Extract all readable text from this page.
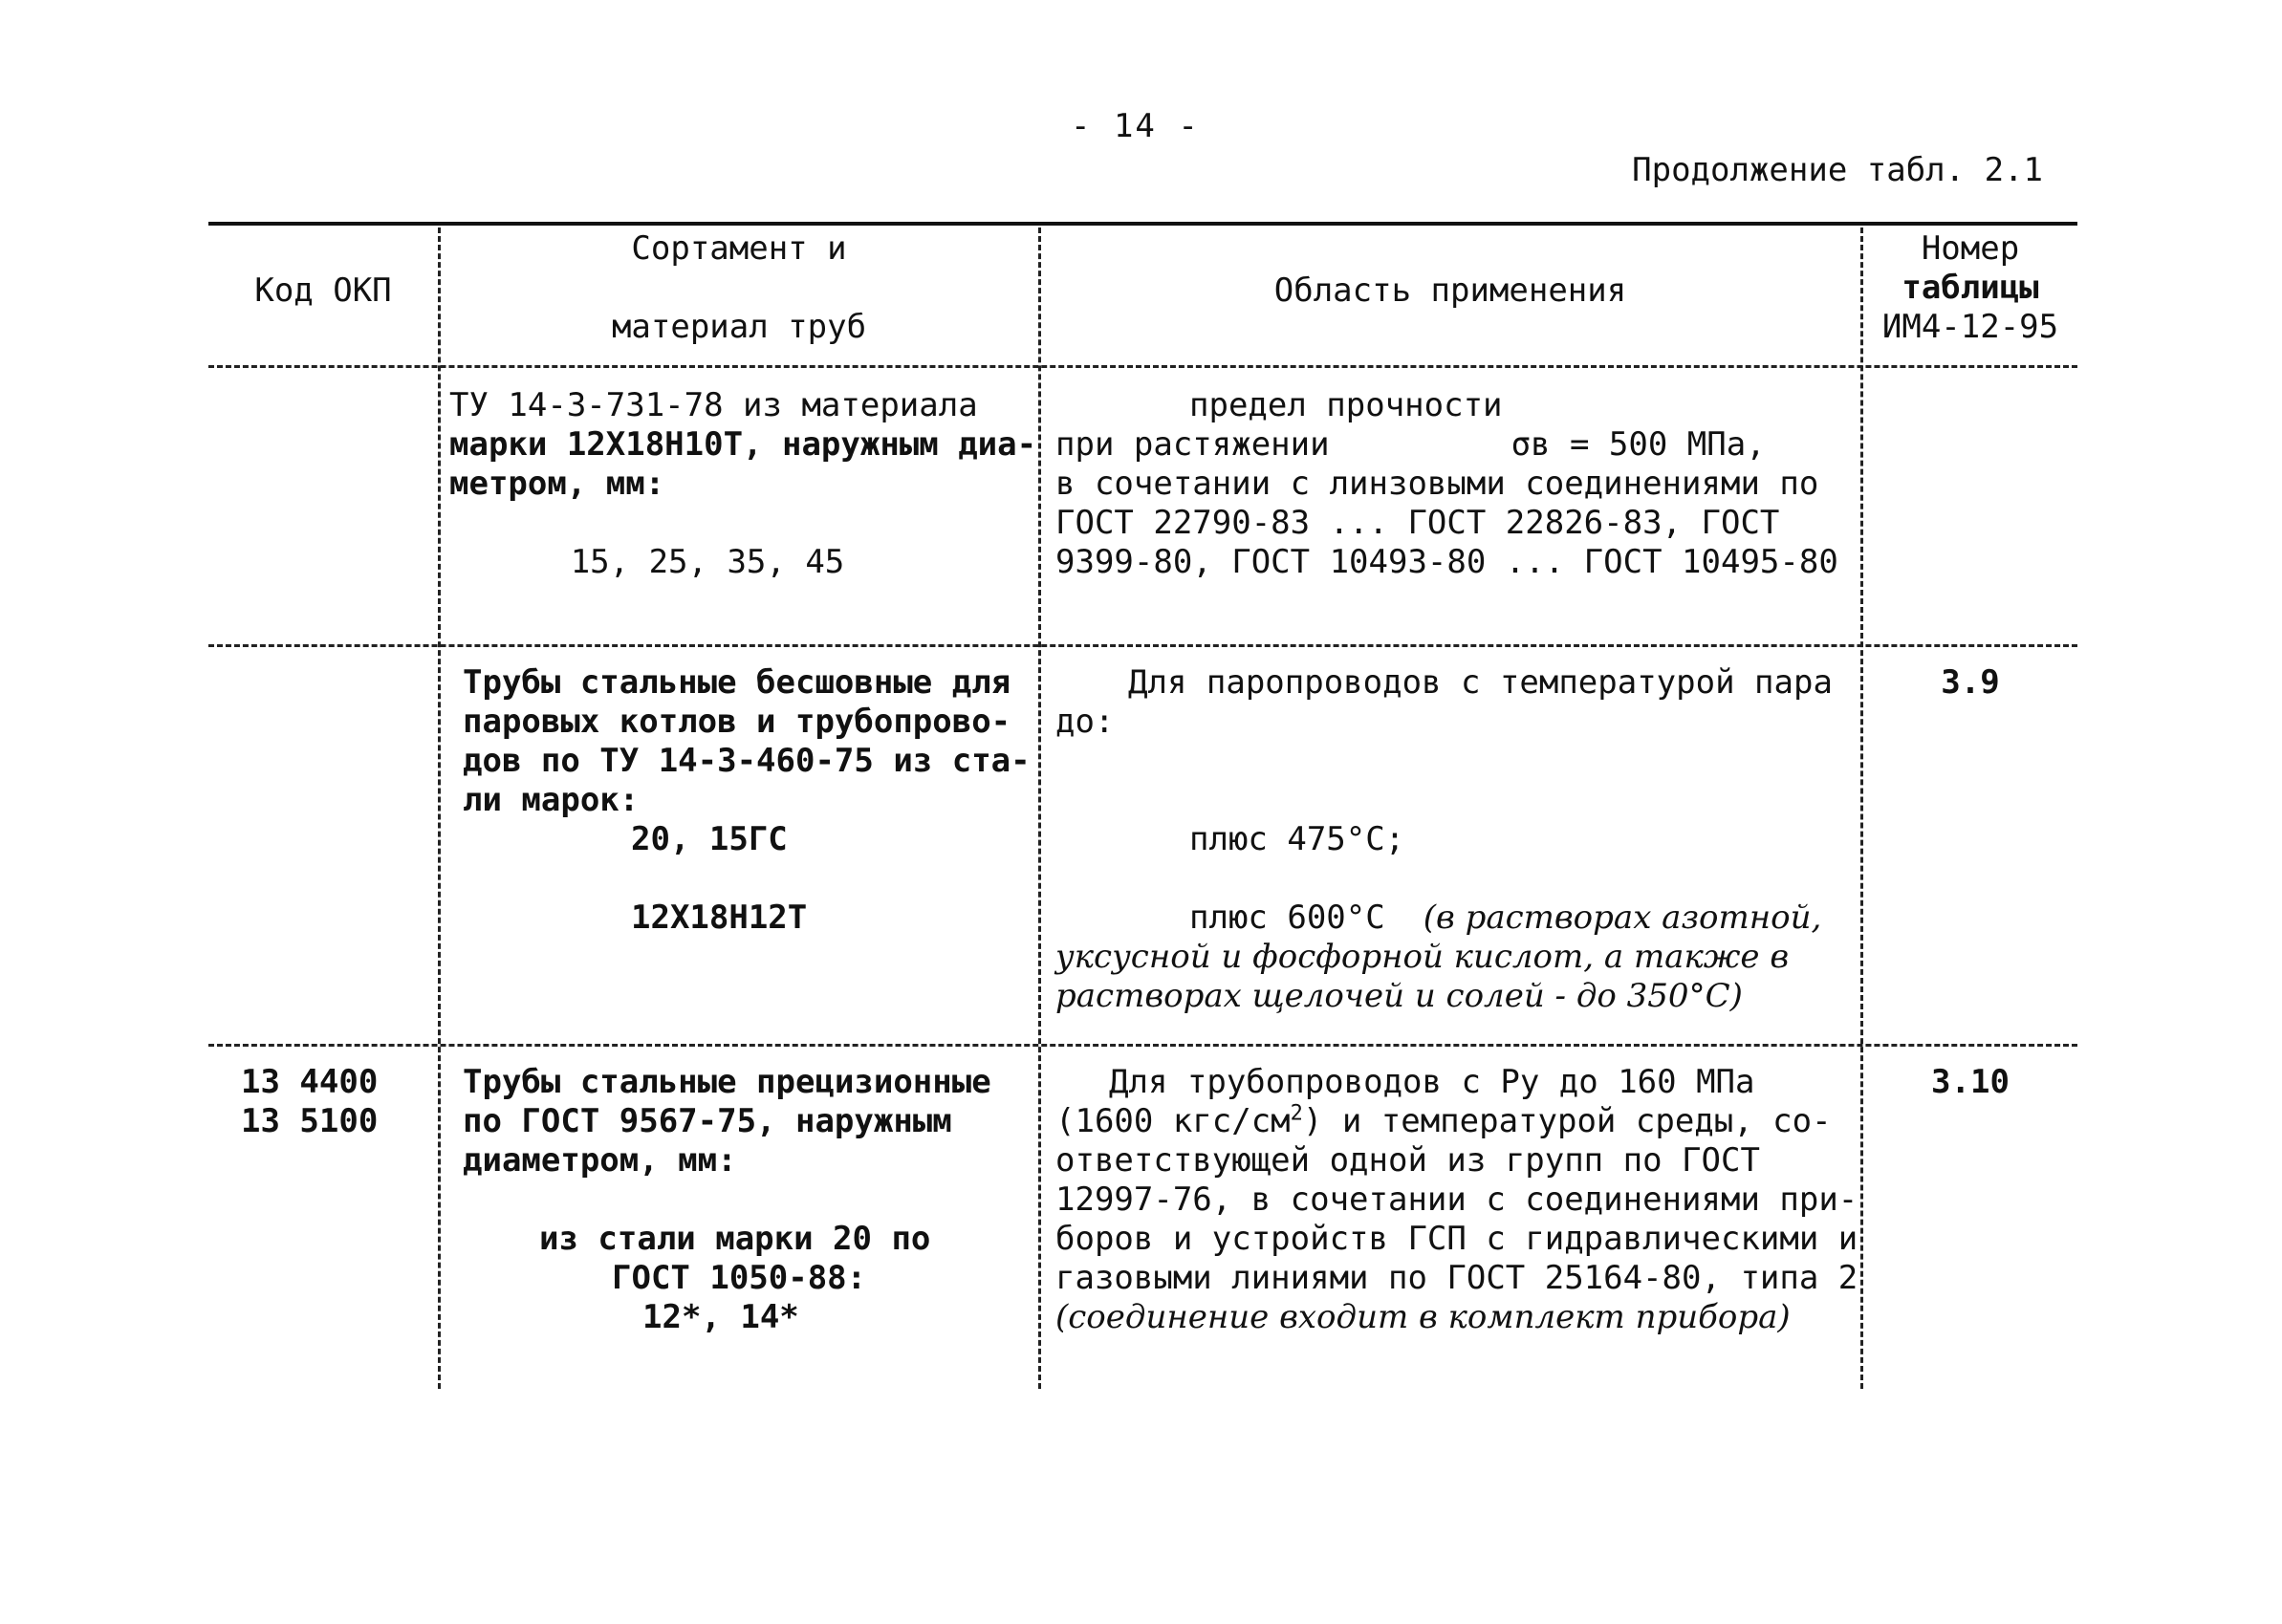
- 14 -
Продолжение табл. 2.1
Код ОКП
Сортамент и
материал труб
Область применения
Номер
таблицы
ИМ4-12-95
ТУ 14-3-731-78 из материала
марки 12Х18Н10Т, наружным диа-
метром, мм:
15, 25, 35, 45
предел прочности
при растяжении	σв = 500 МПа,
в сочетании с линзовыми соединениями по
ГОСТ 22790-83 ... ГОСТ 22826-83, ГОСТ
9399-80, ГОСТ 10493-80 ... ГОСТ 10495-80
Трубы стальные бесшовные для
паровых котлов и трубопрово-
дов по ТУ 14-3-460-75 из ста-
ли марок:
20, 15ГС
12Х18Н12Т
Для паропроводов с температурой пара
до:
плюс 475°С;
плюс 600°С (в растворах азотной,
уксусной и фосфорной кислот, а также в
растворах щелочей и солей - до 350°С)
3.9
13 4400
13 5100
Трубы стальные прецизионные
по ГОСТ 9567-75, наружным
диаметром, мм:
из стали марки 20 по
ГОСТ 1050-88:
12*, 14*
Для трубопроводов с Ру до 160 МПа
(1600 кгс/$см^2$) и температурой среды, со-
ответствующей одной из групп по ГОСТ
12997-76, в сочетании с соединениями при-
боров и устройств ГСП с гидравлическими и
газовыми линиями по ГОСТ 25164-80, типа 2
(соединение входит в комплект прибора)
3.10
